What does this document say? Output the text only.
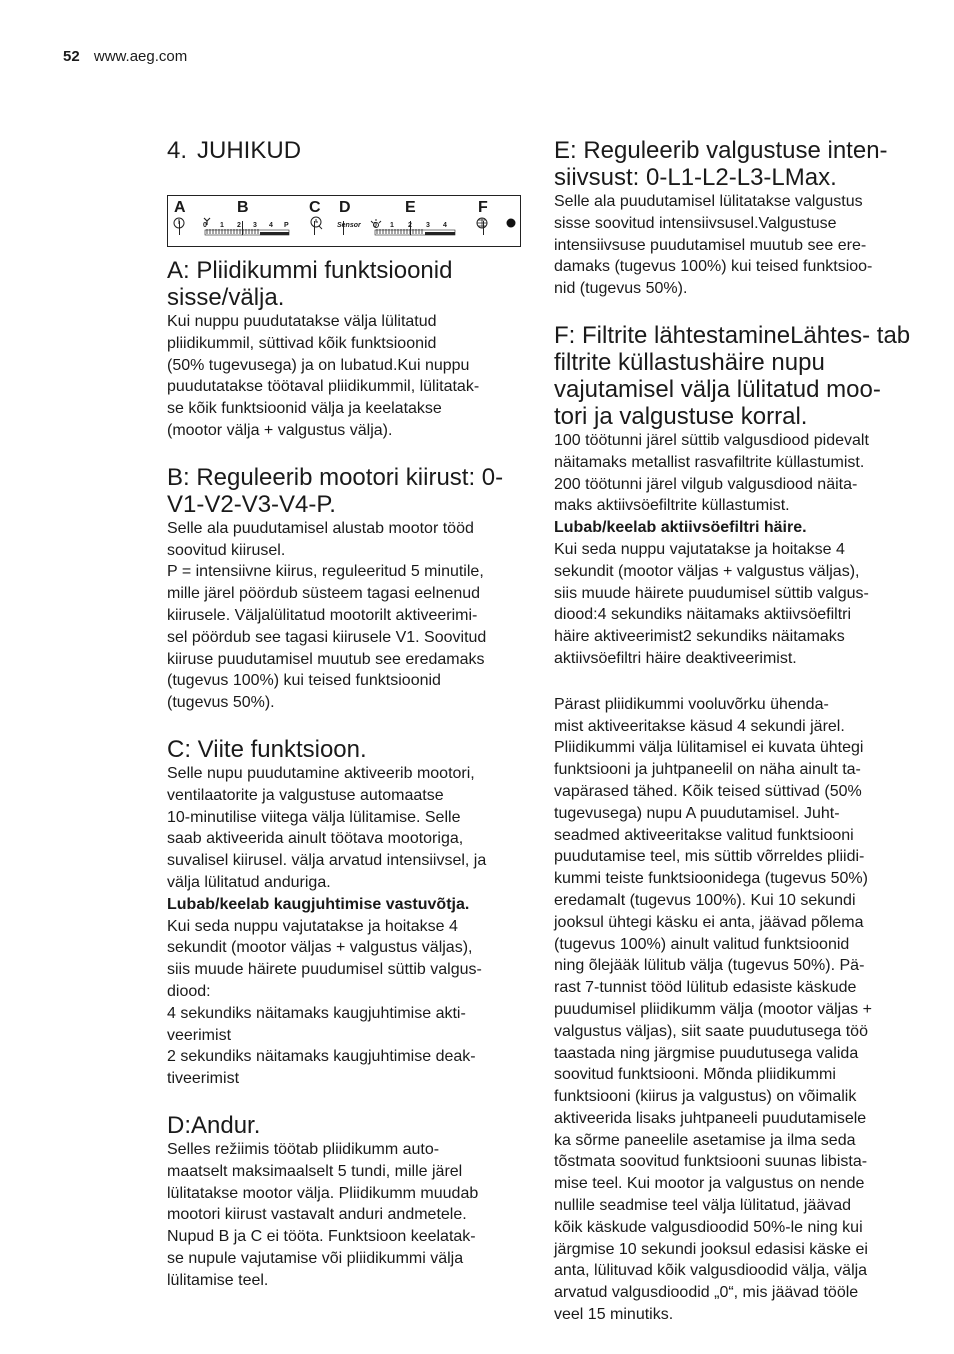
52 www.aeg.com
4. JUHIKUD
A	B	C D	E	F
0 1 2 3 4 P	Sensor 0 1 2 3 4
A: Pliidikummi funktsioonid sisse/välja.
Kui nuppu puudutatakse välja lülitatud
pliidikummil, süttivad kõik funktsioonid
(50% tugevusega) ja on lubatud.Kui nuppu
puudutatakse töötaval pliidikummil, lülitatak-
se kõik funktsioonid välja ja keelatakse
(mootor välja + valgustus välja).
B: Reguleerib mootori kiirust: 0-V1-V2-V3-V4-P.
Selle ala puudutamisel alustab mootor tööd
soovitud kiirusel.
P = intensiivne kiirus, reguleeritud 5 minutile,
mille järel pöördub süsteem tagasi eelnenud
kiirusele. Väljalülitatud mootorilt aktiveerimi-
sel pöördub see tagasi kiirusele V1. Soovitud
kiiruse puudutamisel muutub see eredamaks
(tugevus 100%) kui teised funktsioonid
(tugevus 50%).
C: Viite funktsioon.
Selle nupu puudutamine aktiveerib mootori,
ventilaatorite ja valgustuse automaatse
10-minutilise viitega välja lülitamise. Selle
saab aktiveerida ainult töötava mootoriga,
suvalisel kiirusel. välja arvatud intensiivsel, ja
välja lülitatud anduriga.
Lubab/keelab kaugjuhtimise vastuvõtja.
Kui seda nuppu vajutatakse ja hoitakse 4
sekundit (mootor väljas + valgustus väljas),
siis muude häirete puudumisel süttib valgus-
diood:
4 sekundiks näitamaks kaugjuhtimise akti-
veerimist
2 sekundiks näitamaks kaugjuhtimise deak-
tiveerimist
D:Andur.
Selles režiimis töötab pliidikumm auto-
maatselt maksimaalselt 5 tundi, mille järel
lülitatakse mootor välja. Pliidikumm muudab
mootori kiirust vastavalt anduri andmetele.
Nupud B ja C ei tööta. Funktsioon keelatak-
se nupule vajutamise või pliidikummi välja
lülitamise teel.
E: Reguleerib valgustuse inten- siivsust: 0-L1-L2-L3-LMax.
Selle ala puudutamisel lülitatakse valgustus
sisse soovitud intensiivsusel.Valgustuse
intensiivsuse puudutamisel muutub see ere-
damaks (tugevus 100%) kui teised funktsioo-
nid (tugevus 50%).
F: Filtrite lähtestamineLähtes- tab filtrite küllastushäire nupu vajutamisel välja lülitatud moo- tori ja valgustuse korral.
100 töötunni järel süttib valgusdiood pidevalt
näitamaks metallist rasvafiltrite küllastumist.
200 töötunni järel vilgub valgusdiood näita-
maks aktiivsöefiltrite küllastumist.
Lubab/keelab aktiivsöefiltri häire.
Kui seda nuppu vajutatakse ja hoitakse 4
sekundit (mootor väljas + valgustus väljas),
siis muude häirete puudumisel süttib valgus-
diood:4 sekundiks näitamaks aktiivsöefiltri
häire aktiveerimist2 sekundiks näitamaks
aktiivsöefiltri häire deaktiveerimist.
Pärast pliidikummi vooluvõrku ühenda-
mist aktiveeritakse käsud 4 sekundi järel.
Pliidikummi välja lülitamisel ei kuvata ühtegi
funktsiooni ja juhtpaneelil on näha ainult ta-
vapärased tähed. Kõik teised süttivad (50%
tugevusega) nupu A puudutamisel. Juht-
seadmed aktiveeritakse valitud funktsiooni
puudutamise teel, mis süttib võrreldes pliidi-
kummi teiste funktsioonidega (tugevus 50%)
eredamalt (tugevus 100%). Kui 10 sekundi
jooksul ühtegi käsku ei anta, jäävad põlema
(tugevus 100%) ainult valitud funktsioonid
ning õlejääk lülitub välja (tugevus 50%). Pä-
rast 7-tunnist tööd lülitub edasiste käskude
puudumisel pliidikumm välja (mootor väljas +
valgustus väljas), siit saate puudutusega töö
taastada ning järgmise puudutusega valida
soovitud funktsiooni. Mõnda pliidikummi
funktsiooni (kiirus ja valgustus) on võimalik
aktiveerida lisaks juhtpaneeli puudutamisele
ka sõrme paneelile asetamise ja ilma seda
tõstmata soovitud funktsiooni suunas libista-
mise teel. Kui mootor ja valgustus on nende
nullile seadmise teel välja lülitatud, jäävad
kõik käskude valgusdioodid 50%-le ning kui
järgmise 10 sekundi jooksul edasisi käske ei
anta, lülituvad kõik valgusdioodid välja, välja
arvatud valgusdioodid „0“, mis jäävad tööle
veel 15 minutiks.
